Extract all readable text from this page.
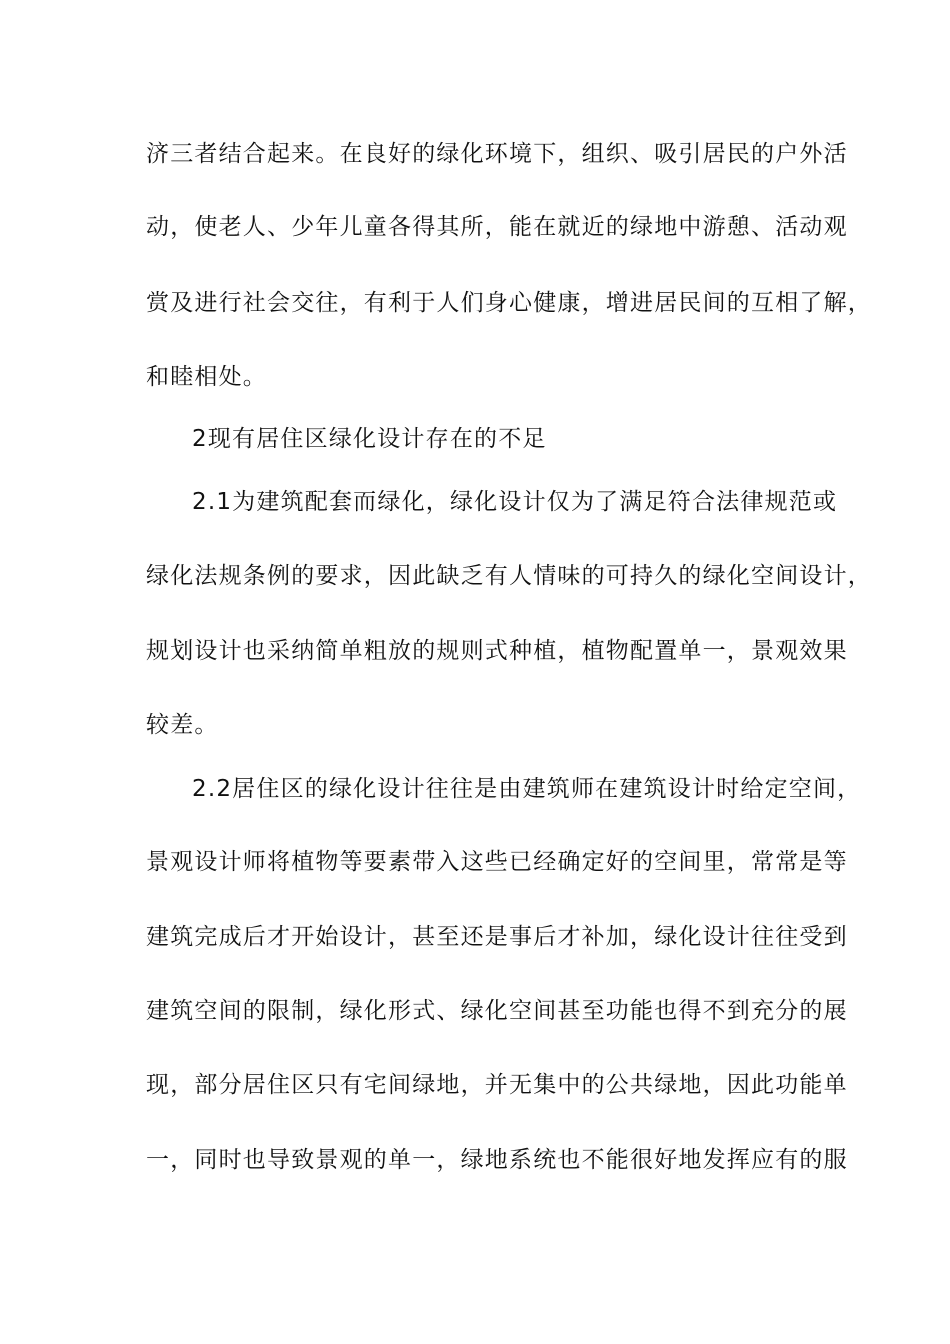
济三者结合起来。在良好的绿化环境下，组织、吸引居民的户外活
动，使老人、少年儿童各得其所，能在就近的绿地中游憩、活动观
赏及进行社会交往，有利于人们身心健康，增进居民间的互相了解，
和睦相处。
2现有居住区绿化设计存在的不足
2.1为建筑配套而绿化，绿化设计仅为了满足符合法律规范或
绿化法规条例的要求，因此缺乏有人情味的可持久的绿化空间设计，
规划设计也采纳简单粗放的规则式种植，植物配置单一，景观效果
较差。
2.2居住区的绿化设计往往是由建筑师在建筑设计时给定空间，
景观设计师将植物等要素带入这些已经确定好的空间里，常常是等
建筑完成后才开始设计，甚至还是事后才补加，绿化设计往往受到
建筑空间的限制，绿化形式、绿化空间甚至功能也得不到充分的展
现，部分居住区只有宅间绿地，并无集中的公共绿地，因此功能单
一，同时也导致景观的单一，绿地系统也不能很好地发挥应有的服
